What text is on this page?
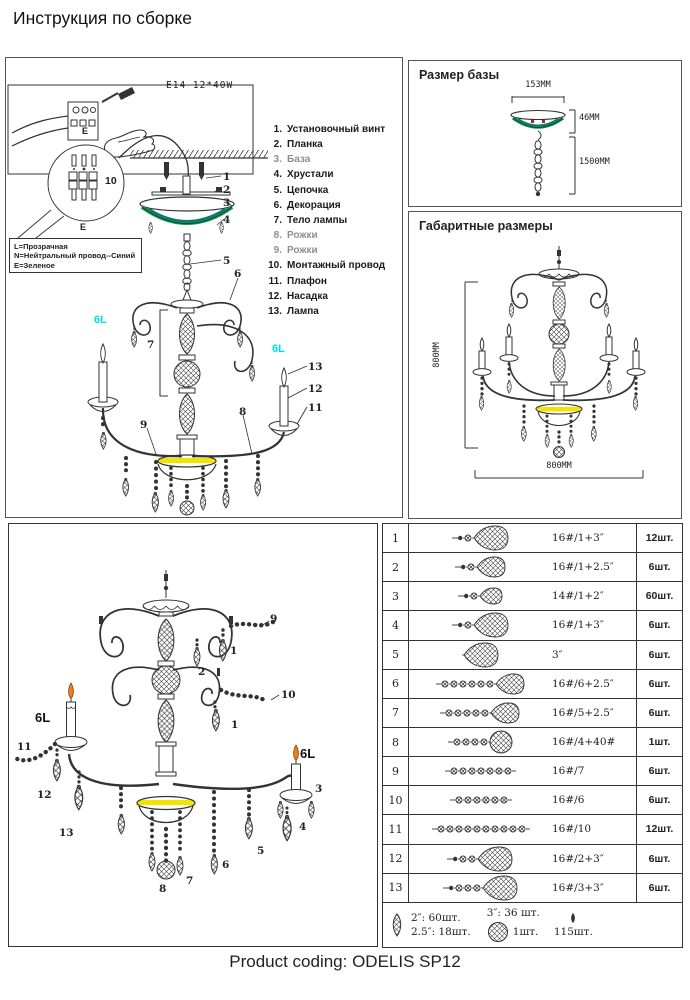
Инструкция по сборке
E14 12*40W
L=Прозрачная
N=Нейтральный провод--Синий
E=Зеленое
E
E
10
1. Установочный винт
2. Планка
3. База
4. Хрустали
5. Цепочка
6. Декорация
7. Тело лампы
8. Рожки
9. Рожки
10. Монтажный провод
11. Плафон
12. Насадка
13. Лампа
6L
6L
1
2
3
4
5
6
7
8
9
11
12
13
Размер базы
153MM
46MM
1500MM
Габаритные размеры
800MM
800MM
6L
6L
9
1
2
10
1
3
4
5
6
7
8
11
12
13
1	16#/1+3″	12шт.
2	16#/1+2.5″	6шт.
3	14#/1+2″	60шт.
4	16#/1+3″	6шт.
5	3″	6шт.
6	16#/6+2.5″	6шт.
7	16#/5+2.5″	6шт.
8	16#/4+40#	1шт.
9	16#/7	6шт.
10	16#/6	6шт.
11	16#/10	12шт.
12	16#/2+3″	6шт.
13	16#/3+3″	6шт.
2″: 60шт.
2.5″: 18шт.
3″: 36 шт.
1шт. 115шт.
Product coding: ODELIS SP12
